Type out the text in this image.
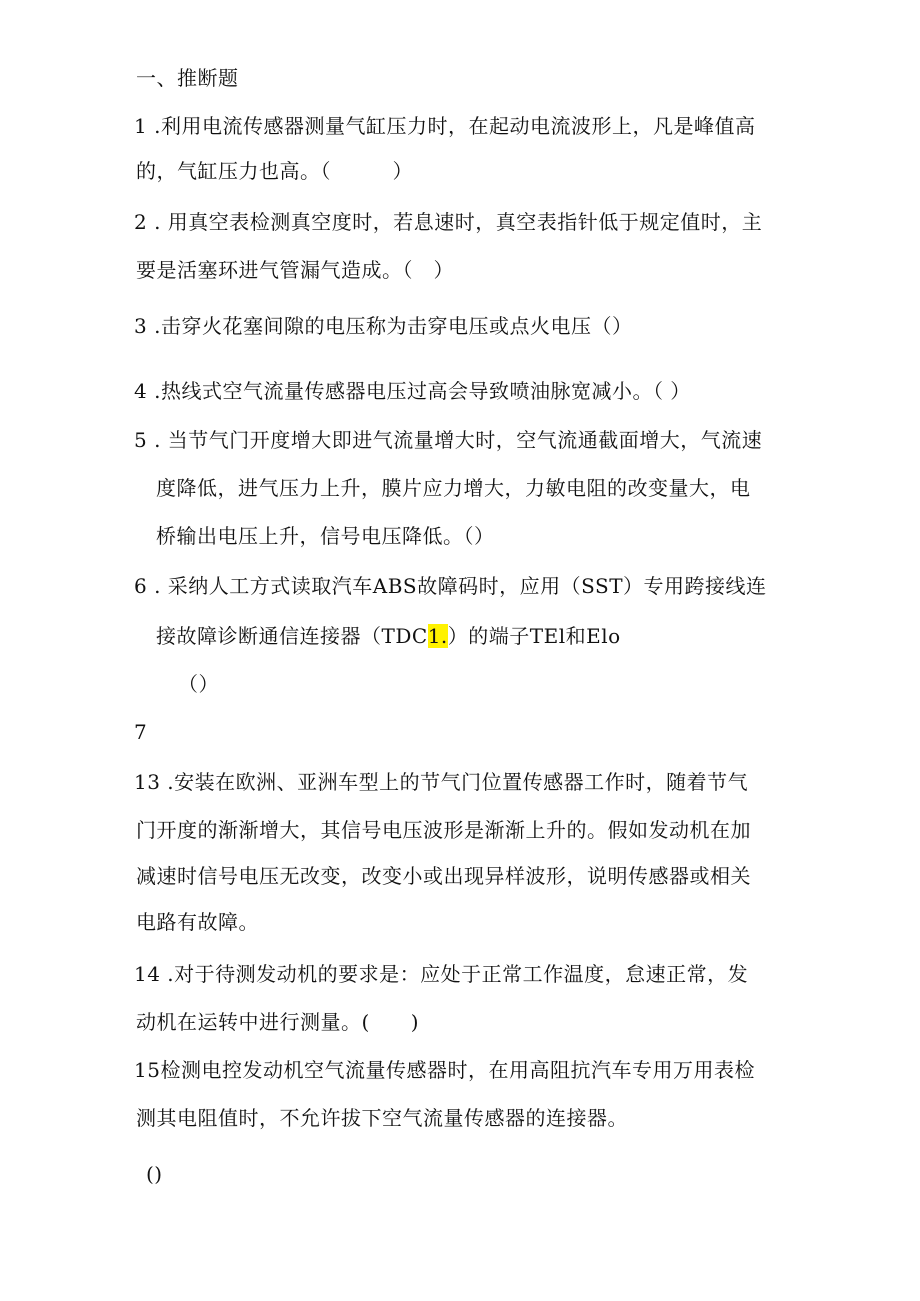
一、推断题
1 .利用电流传感器测量气缸压力时，在起动电流波形上，凡是峰值高
的，气缸压力也高。（　　　）
2 . 用真空表检测真空度时，若息速时，真空表指针低于规定值时，主
要是活塞环进气管漏气造成。（　）
3 .击穿火花塞间隙的电压称为击穿电压或点火电压（）
4 .热线式空气流量传感器电压过高会导致喷油脉宽减小。（ ）
5 . 当节气门开度增大即进气流量增大时，空气流通截面增大，气流速
度降低，进气压力上升，膜片应力增大，力敏电阻的改变量大，电
桥输出电压上升，信号电压降低。（）
6 . 采纳人工方式读取汽车ABS故障码时，应用（SST）专用跨接线连
接故障诊断通信连接器（TDC1.）的端子TEl和Elo
（）
7
13 .安装在欧洲、亚洲车型上的节气门位置传感器工作时，随着节气
门开度的渐渐增大，其信号电压波形是渐渐上升的。假如发动机在加
减速时信号电压无改变，改变小或出现异样波形，说明传感器或相关
电路有故障。
14 .对于待测发动机的要求是：应处于正常工作温度，怠速正常，发
动机在运转中进行测量。(　　)
15检测电控发动机空气流量传感器时，在用高阻抗汽车专用万用表检
测其电阻值时，不允许拔下空气流量传感器的连接器。
()
